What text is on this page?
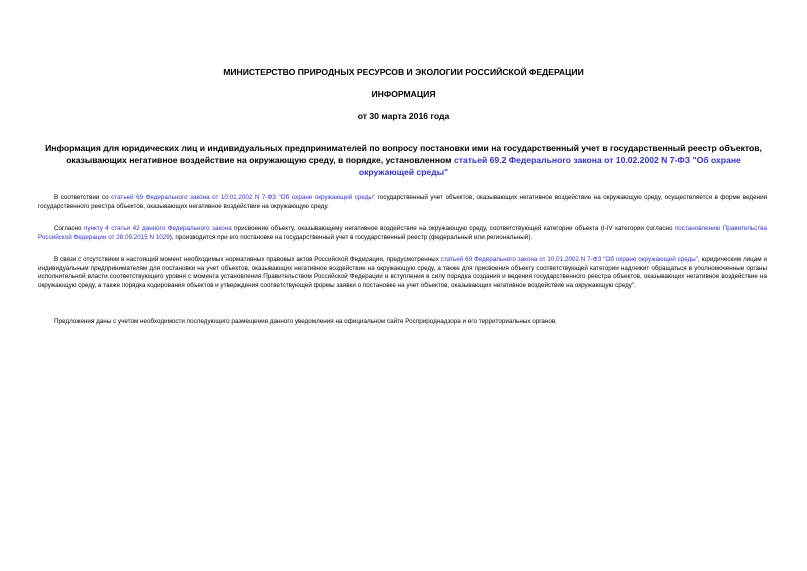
МИНИСТЕРСТВО ПРИРОДНЫХ РЕСУРСОВ И ЭКОЛОГИИ РОССИЙСКОЙ ФЕДЕРАЦИИ
ИНФОРМАЦИЯ
от 30 марта 2016 года
Информация для юридических лиц и индивидуальных предпринимателей по вопросу постановки ими на государственный учет в государственный реестр объектов, оказывающих негативное воздействие на окружающую среду, в порядке, установленном статьей 69.2 Федерального закона от 10.02.2002 N 7-ФЗ "Об охране окружающей среды"
В соответствии со статьей 69 Федерального закона от 10.01.2002 N 7-ФЗ "Об охране окружающей среды" государственный учет объектов, оказывающих негативное воздействие на окружающую среду, осуществляется в форме ведения государственного реестра объектов, оказывающих негативное воздействие на окружающую среду.
Согласно пункту 4 статьи 42 данного Федерального закона присвоение объекту, оказывающему негативное воздействие на окружающую среду, соответствующей категории объекта (I-IV категории согласно постановлению Правительства Российской Федерации от 28.09.2015 N 1029), производится при его постановке на государственный учет в государственный реестр (федеральный или региональный).
В связи с отсутствием в настоящий момент необходимых нормативных правовых актов Российской Федерации, предусмотренных статьей 69 Федерального закона от 10.01.2002 N 7-ФЗ "Об охране окружающей среды", юридическим лицам и индивидуальным предпринимателям для постановки на учет объектов, оказывающих негативное воздействие на окружающую среду, а также для присвоения объекту соответствующей категории надлежит обращаться в уполномоченные органы исполнительной власти соответствующего уровня с момента установления Правительством Российской Федерации и вступления в силу порядка создания и ведения государственного реестра объектов, оказывающих негативное воздействие на окружающую среду, а также порядка кодирования объектов и утверждения соответствующей формы заявки о постановке на учет объектов, оказывающих негативное воздействие на окружающую среду".
Предложения даны с учетом необходимости последующего размещения данного уведомления на официальном сайте Росприроднадзора и его территориальных органов.
